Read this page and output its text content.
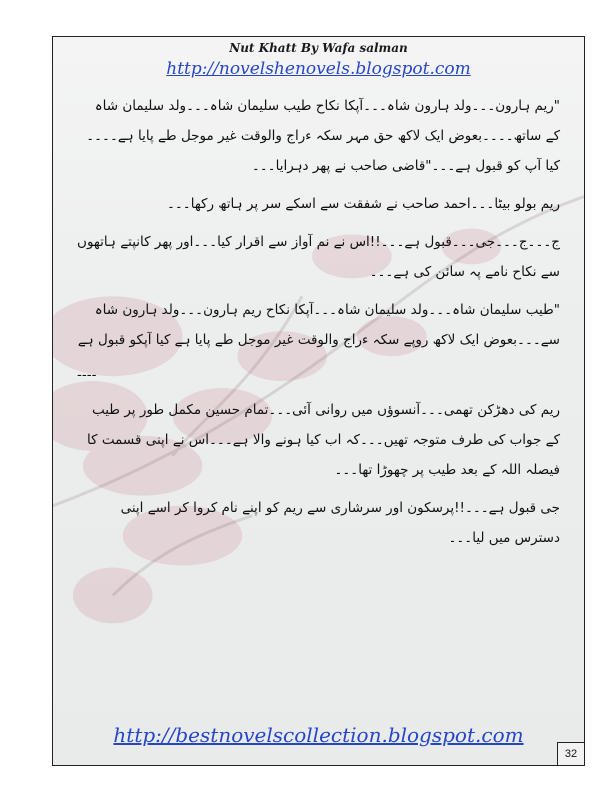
Nut Khatt By Wafa salman
http://novelshenovels.blogspot.com

"ریم ہارون۔۔۔ولد ہارون شاہ۔۔۔آپکا نکاح طیب سلیمان شاہ۔۔۔ولد سلیمان شاہ کے ساتھ۔۔۔۔بعوض ایک لاکھ حق مہر سکہ ءراج والوقت غیر موجل طے پایا ہے۔۔۔۔کیا آپ کو قبول ہے۔۔۔"قاضی صاحب نے پھر دہرایا۔۔۔

ریم بولو بیٹا۔۔۔احمد صاحب نے شفقت سے اسکے سر پر ہاتھ رکھا۔۔۔

ج۔۔۔ج۔۔۔جی۔۔۔قبول ہے۔۔۔!!اس نے نم آواز سے اقرار کیا۔۔۔اور پھر کانپتے ہاتھوں سے نکاح نامے پہ سائن کی ہے۔۔۔

"طیب سلیمان شاہ۔۔۔ولد سلیمان شاہ۔۔۔آپکا نکاح ریم ہارون۔۔۔ولد ہارون شاہ سے۔۔۔بعوض ایک لاکھ روپے سکہ ءراج والوقت غیر موجل طے پایا ہے کیا آپکو قبول ہے

----

ریم کی دھڑکن تھمی۔۔۔آنسوؤں میں روانی آئی۔۔۔تمام حسین مکمل طور پر طیب کے جواب کی طرف متوجہ تھیں۔۔۔کہ اب کیا ہونے والا ہے۔۔۔اس نے اپنی قسمت کا فیصلہ اللہ کے بعد طیب پر چھوڑا تھا۔۔۔

جی قبول ہے۔۔۔!!پرسکون اور سرشاری سے ریم کو اپنے نام کروا کر اسے اپنی دسترس میں لیا۔۔۔

http://bestnovelscollection.blogspot.com
32
